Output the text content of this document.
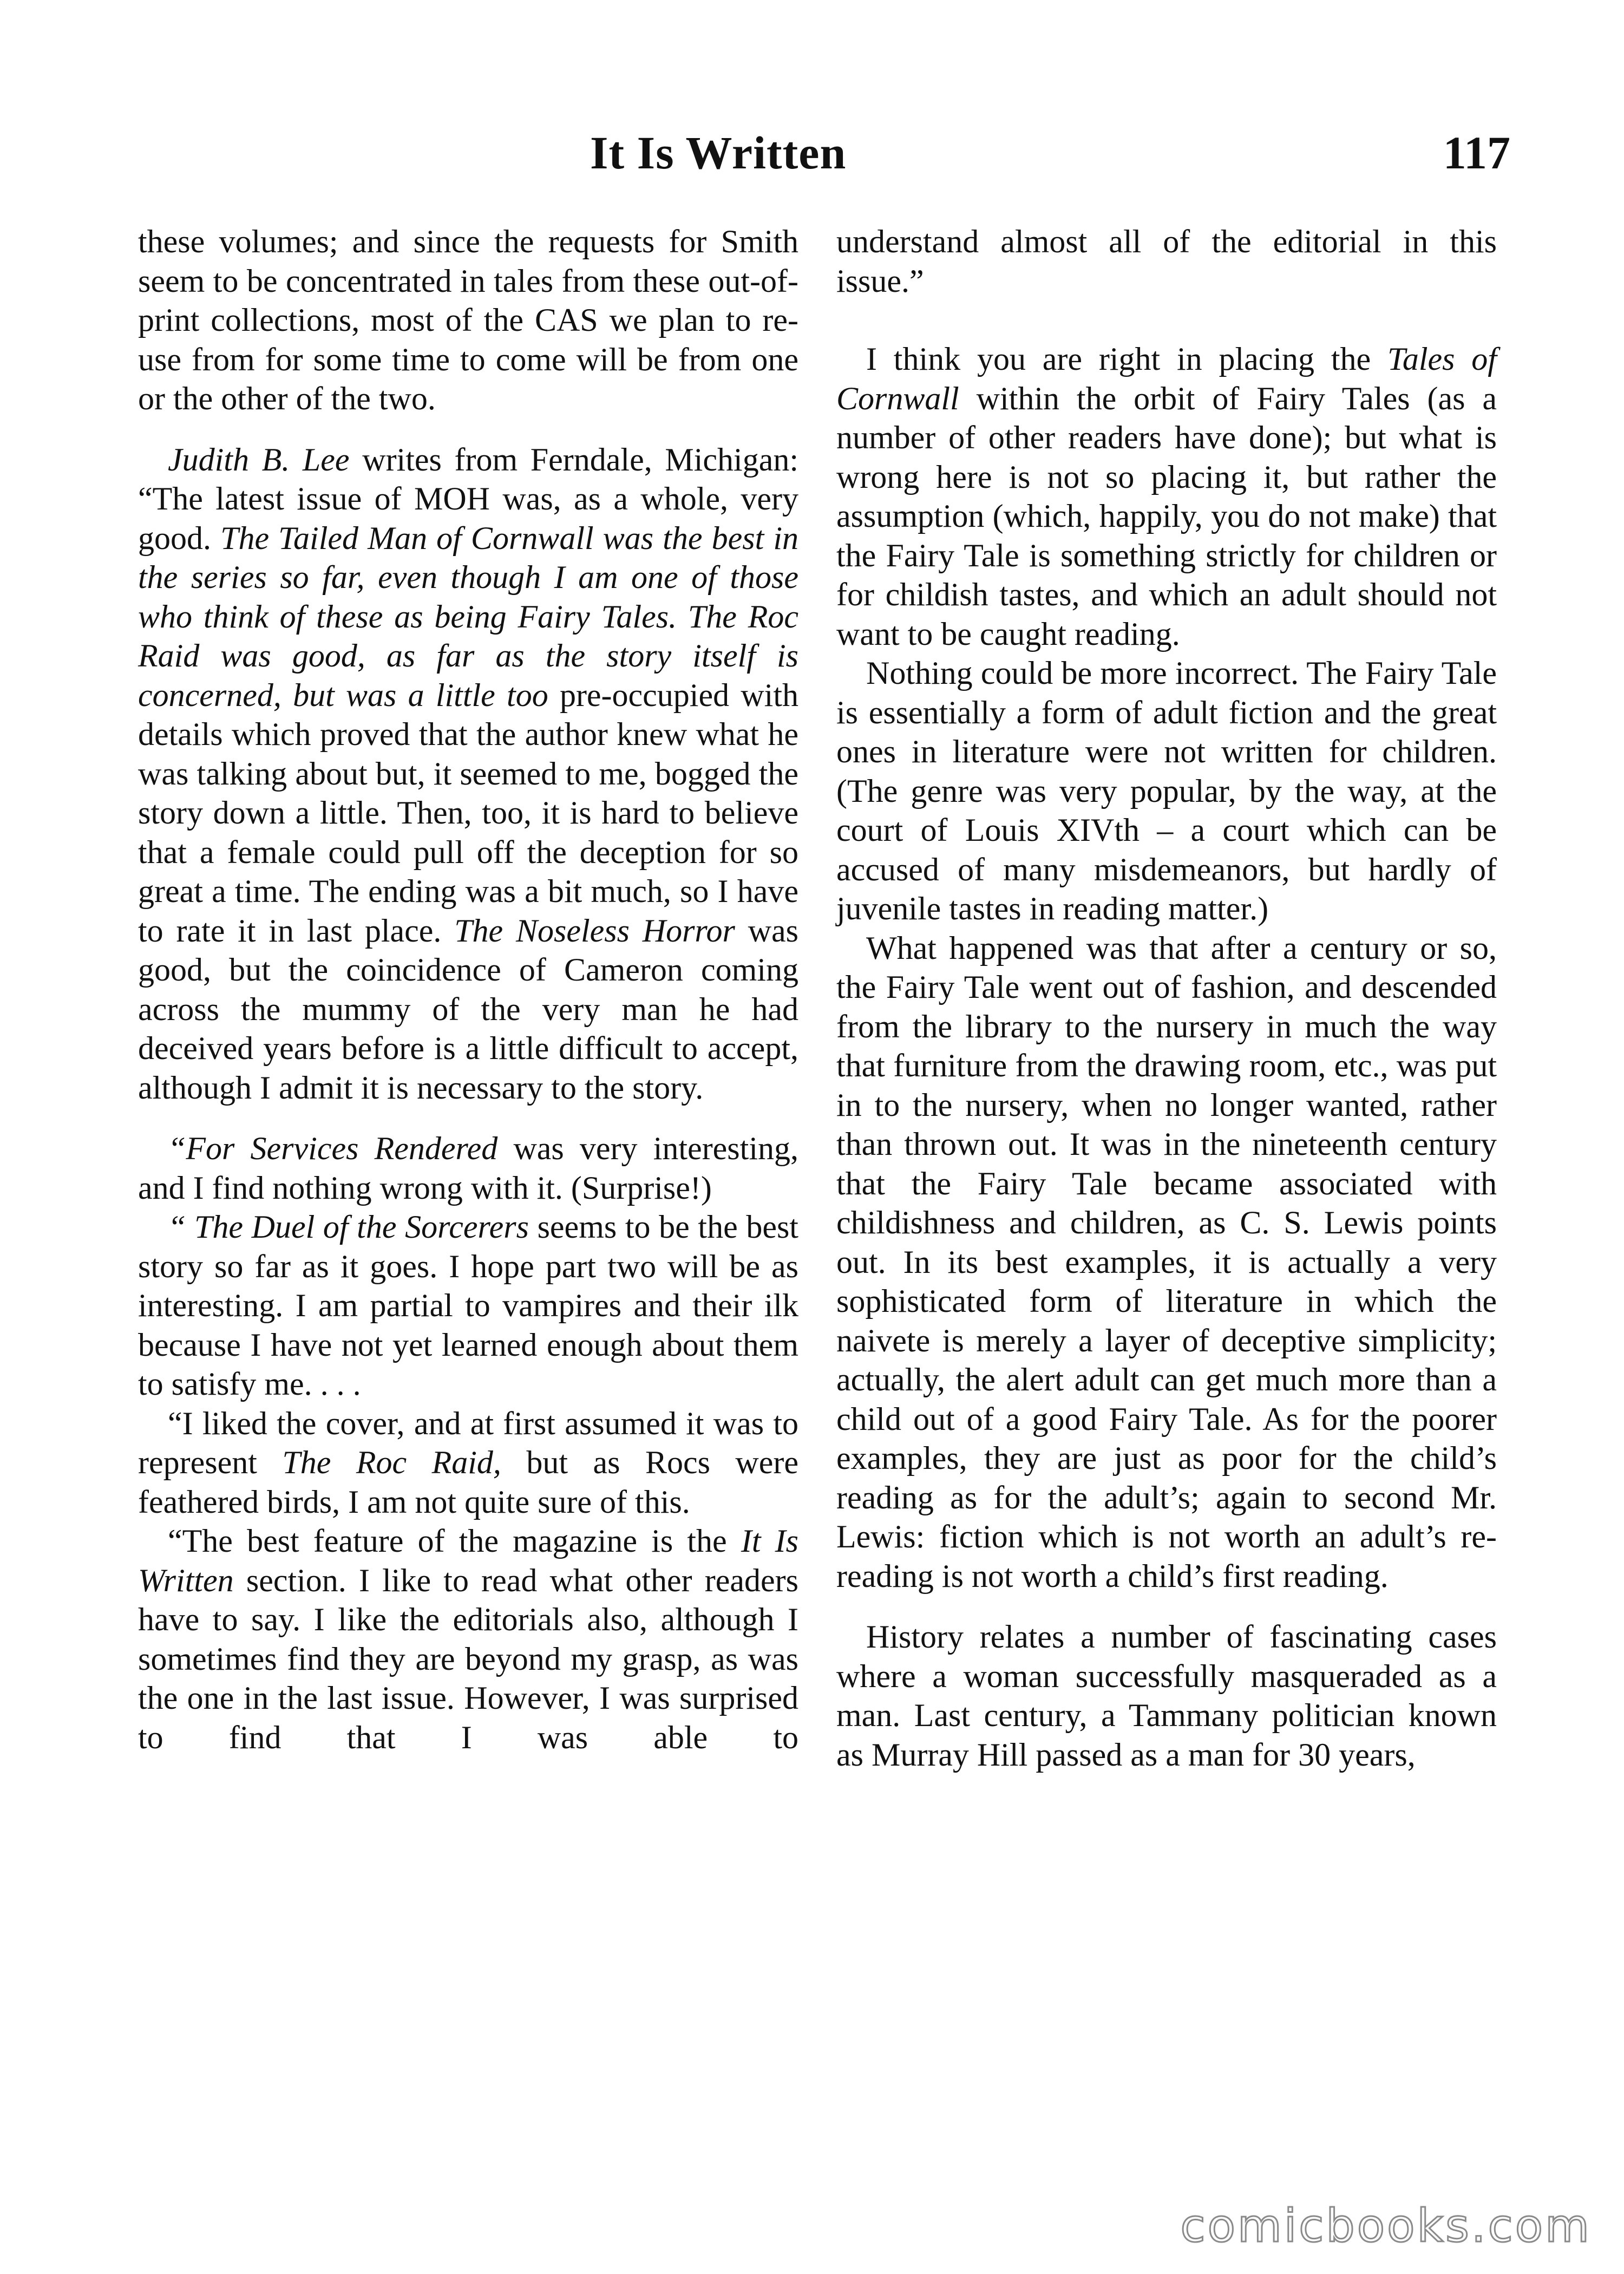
It Is Written	117

these volumes; and since the requests for Smith seem to be concentrated in tales from these out-of-print collections, most of the CAS we plan to re-use from for some time to come will be from one or the other of the two.

Judith B. Lee writes from Ferndale, Michigan: “The latest issue of MOH was, as a whole, very good. The Tailed Man of Cornwall was the best in the series so far, even though I am one of those who think of these as being Fairy Tales. The Roc Raid was good, as far as the story itself is concerned, but was a little too pre-occupied with details which proved that the author knew what he was talking about but, it seemed to me, bogged the story down a little. Then, too, it is hard to believe that a female could pull off the deception for so great a time. The ending was a bit much, so I have to rate it in last place. The Noseless Horror was good, but the coincidence of Cameron coming across the mummy of the very man he had deceived years before is a little difficult to accept, although I admit it is necessary to the story.

“For Services Rendered was very interesting, and I find nothing wrong with it. (Surprise!)

“ The Duel of the Sorcerers seems to be the best story so far as it goes. I hope part two will be as interesting. I am partial to vampires and their ilk because I have not yet learned enough about them to satisfy me. . . .

“I liked the cover, and at first assumed it was to represent The Roc Raid, but as Rocs were feathered birds, I am not quite sure of this.

“The best feature of the magazine is the It Is Written section. I like to read what other readers have to say. I like the editorials also, although I sometimes find they are beyond my grasp, as was the one in the last issue. However, I was surprised to find that I was able to

understand almost all of the editorial in this issue.”

I think you are right in placing the Tales of Cornwall within the orbit of Fairy Tales (as a number of other readers have done); but what is wrong here is not so placing it, but rather the assumption (which, happily, you do not make) that the Fairy Tale is something strictly for children or for childish tastes, and which an adult should not want to be caught reading.

Nothing could be more incorrect. The Fairy Tale is essentially a form of adult fiction and the great ones in literature were not written for children. (The genre was very popular, by the way, at the court of Louis XIVth – a court which can be accused of many misdemeanors, but hardly of juvenile tastes in reading matter.)

What happened was that after a century or so, the Fairy Tale went out of fashion, and descended from the library to the nursery in much the way that furniture from the drawing room, etc., was put in to the nursery, when no longer wanted, rather than thrown out. It was in the nineteenth century that the Fairy Tale became associated with childishness and children, as C. S. Lewis points out. In its best examples, it is actually a very sophisticated form of literature in which the naivete is merely a layer of deceptive simplicity; actually, the alert adult can get much more than a child out of a good Fairy Tale. As for the poorer examples, they are just as poor for the child’s reading as for the adult’s; again to second Mr. Lewis: fiction which is not worth an adult’s re-reading is not worth a child’s first reading.

History relates a number of fascinating cases where a woman successfully masqueraded as a man. Last century, a Tammany politician known as Murray Hill passed as a man for 30 years,

comicbooks.com
